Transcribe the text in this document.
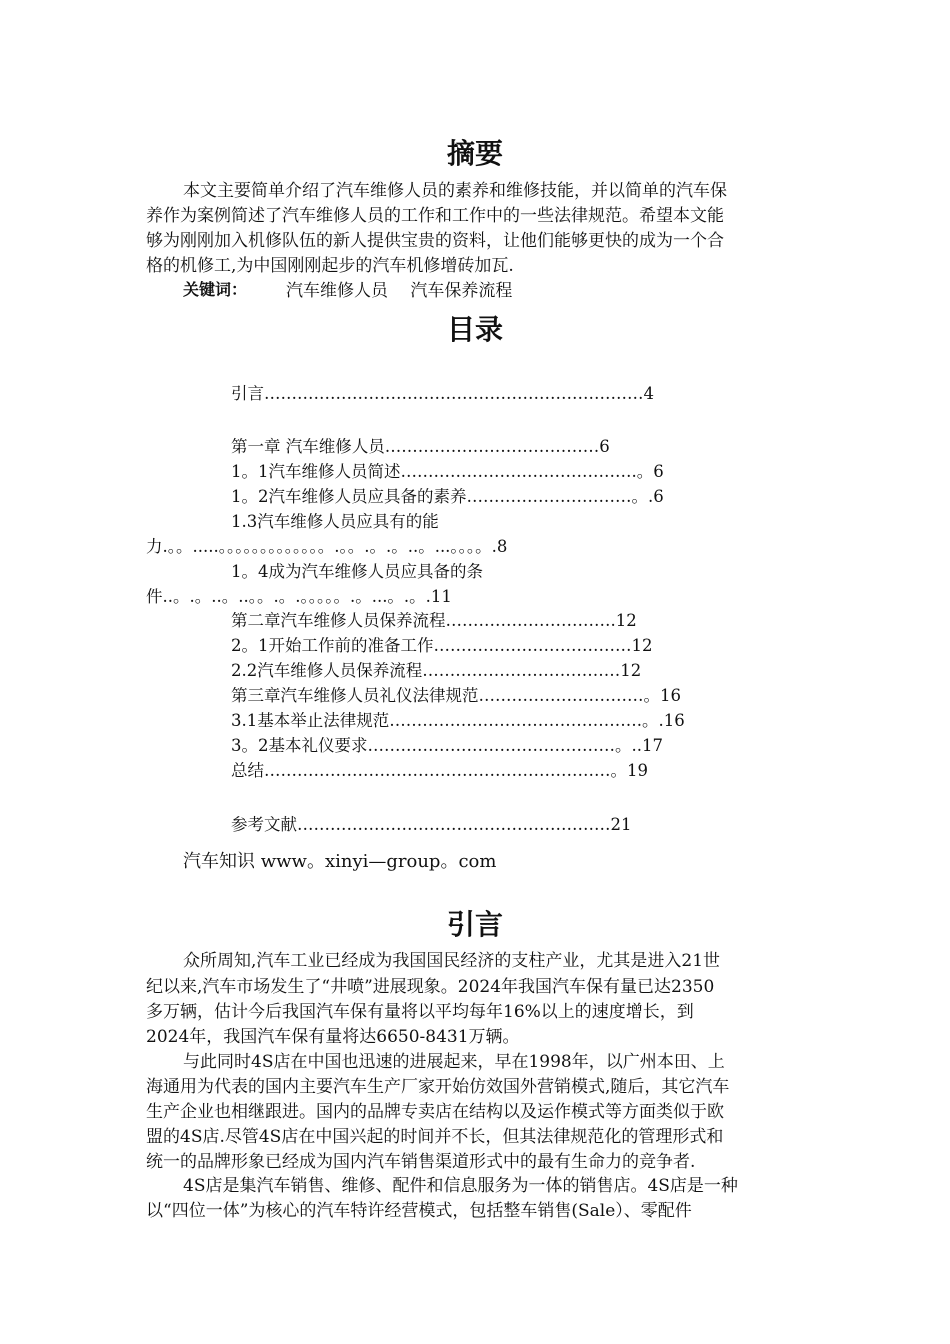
摘要
本文主要简单介绍了汽车维修人员的素养和维修技能，并以简单的汽车保
养作为案例简述了汽车维修人员的工作和工作中的一些法律规范。希望本文能
够为刚刚加入机修队伍的新人提供宝贵的资料，让他们能够更快的成为一个合
格的机修工,为中国刚刚起步的汽车机修增砖加瓦.
关键词： 汽车维修人员　 汽车保养流程
目录
引言……………………………………………………………4
第一章 汽车维修人员…………………………………6
1。1汽车维修人员简述…………………………………….。6
1。2汽车维修人员应具备的素养…………………………。.6
1.3汽车维修人员应具有的能
力.。。.....。。。。。。。。。。。。。.。。.。.。..。...。。。。.8
1。4成为汽车维修人员应具备的条
件..。.。..。..。。.。.。。。。。.。...。.。.11
第二章汽车维修人员保养流程………………………….12
2。1开始工作前的准备工作………………………………12
2.2汽车维修人员保养流程………………………………12
第三章汽车维修人员礼仪法律规范…………………………。16
3.1基本举止法律规范……………………………………….。.16
3。2基本礼仪要求………………………………………。..17
总结………………………………………………………。19
参考文献…………………………………………………21
汽车知识 www。xinyi—group。com
引言
众所周知,汽车工业已经成为我国国民经济的支柱产业，尤其是进入21世
纪以来,汽车市场发生了“井喷”进展现象。2024年我国汽车保有量已达2350
多万辆，估计今后我国汽车保有量将以平均每年16%以上的速度增长，到
2024年，我国汽车保有量将达6650-8431万辆。
与此同时4S店在中国也迅速的进展起来，早在1998年，以广州本田、上
海通用为代表的国内主要汽车生产厂家开始仿效国外营销模式,随后，其它汽车
生产企业也相继跟进。国内的品牌专卖店在结构以及运作模式等方面类似于欧
盟的4S店.尽管4S店在中国兴起的时间并不长，但其法律规范化的管理形式和
统一的品牌形象已经成为国内汽车销售渠道形式中的最有生命力的竞争者.
4S店是集汽车销售、维修、配件和信息服务为一体的销售店。4S店是一种
以“四位一体”为核心的汽车特许经营模式，包括整车销售(Sale）、零配件
